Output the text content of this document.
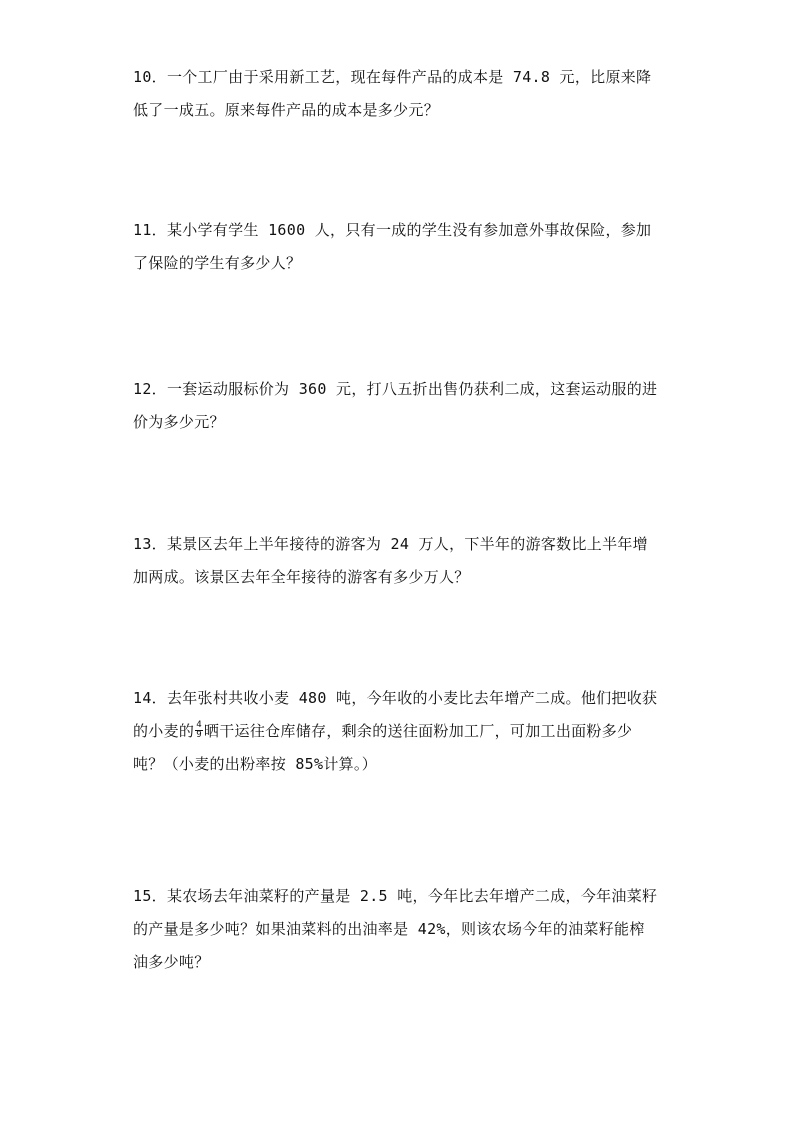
10．一个工厂由于采用新工艺，现在每件产品的成本是 74.8 元，比原来降

低了一成五。原来每件产品的成本是多少元？

11．某小学有学生 1600 人，只有一成的学生没有参加意外事故保险，参加

了保险的学生有多少人？

12．一套运动服标价为 360 元，打八五折出售仍获利二成，这套运动服的进

价为多少元？

13．某景区去年上半年接待的游客为 24 万人，下半年的游客数比上半年增

加两成。该景区去年全年接待的游客有多少万人？

14．去年张村共收小麦 480 吨，今年收的小麦比去年增产二成。他们把收获

的小麦的 $\frac{4}{9}$ 晒干运往仓库储存，剩余的送往面粉加工厂，可加工出面粉多少

吨？（小麦的出粉率按 85%计算。）

15．某农场去年油菜籽的产量是 2.5 吨，今年比去年增产二成，今年油菜籽

的产量是多少吨？如果油菜料的出油率是 42%，则该农场今年的油菜籽能榨

油多少吨？
